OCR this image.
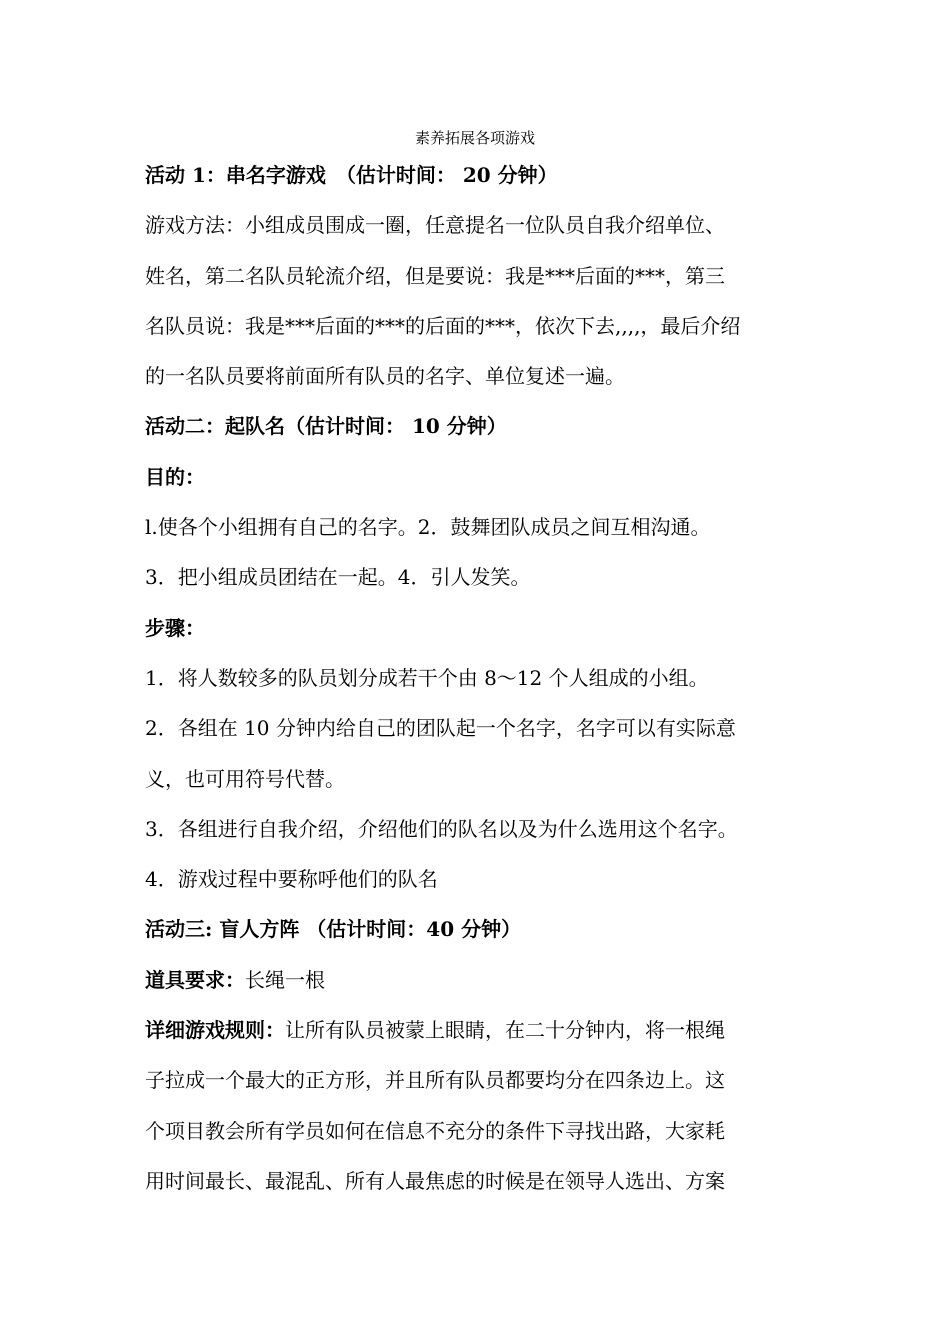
素养拓展各项游戏

活动 1：串名字游戏　（估计时间： 20 分钟）

游戏方法：小组成员围成一圈，任意提名一位队员自我介绍单位、

姓名，第二名队员轮流介绍，但是要说：我是***后面的***，第三

名队员说：我是***后面的***的后面的***，依次下去,,,,，最后介绍

的一名队员要将前面所有队员的名字、单位复述一遍。

活动二：起队名（估计时间： 10 分钟）

目的：

l.使各个小组拥有自己的名字。2．鼓舞团队成员之间互相沟通。

3．把小组成员团结在一起。4．引人发笑。

步骤：

1．将人数较多的队员划分成若干个由 8～12 个人组成的小组。

2．各组在 10 分钟内给自己的团队起一个名字，名字可以有实际意

义，也可用符号代替。

3．各组进行自我介绍，介绍他们的队名以及为什么选用这个名字。

4．游戏过程中要称呼他们的队名

活动三: 盲人方阵 （估计时间：40 分钟）

道具要求：长绳一根

详细游戏规则：让所有队员被蒙上眼睛，在二十分钟内，将一根绳

子拉成一个最大的正方形，并且所有队员都要均分在四条边上。这

个项目教会所有学员如何在信息不充分的条件下寻找出路，大家耗

用时间最长、最混乱、所有人最焦虑的时候是在领导人选出、方案
